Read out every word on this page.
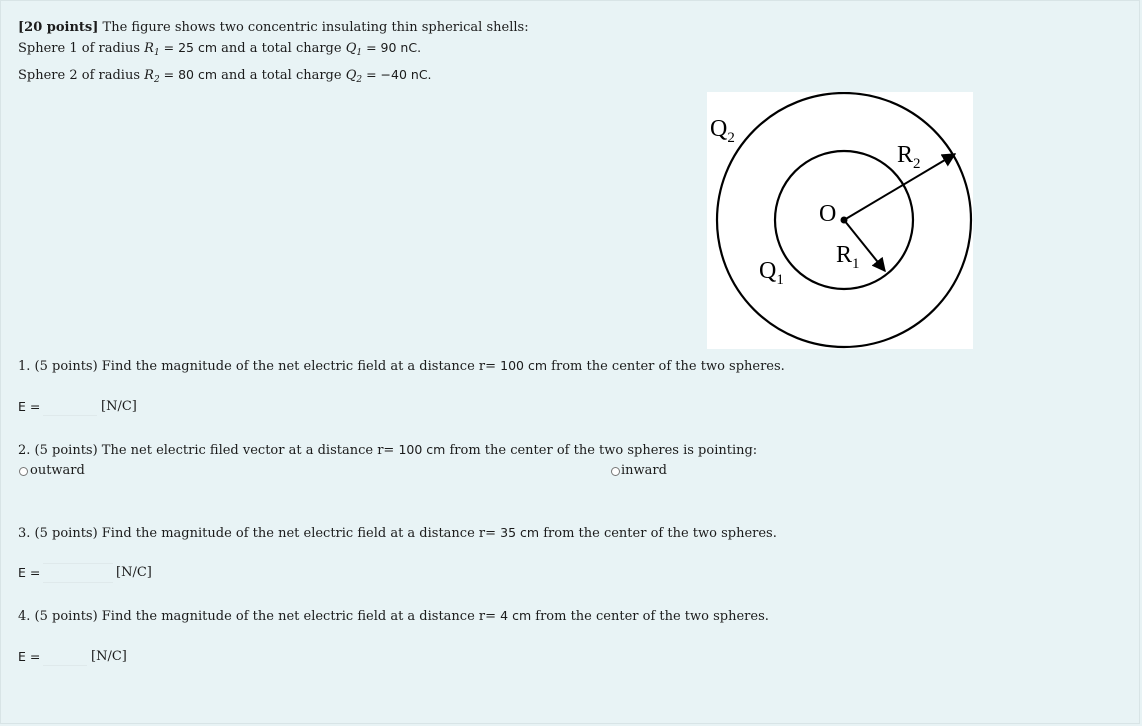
[20 points] The figure shows two concentric insulating thin spherical shells:
Sphere 1 of radius $R_1 = 25$ cm and a total charge $Q_1 = 90$ nC.
Sphere 2 of radius $R_2 = 80$ cm and a total charge $Q_2 = -40$ nC.
$Q_2$
$R_2$
O
$R_1$
$Q_1$
1. (5 points) Find the magnitude of the net electric field at a distance r= 100 cm from the center of the two spheres.
E =	[N/C]
2. (5 points) The net electric filed vector at a distance r= 100 cm from the center of the two spheres is pointing:
outward	inward
3. (5 points) Find the magnitude of the net electric field at a distance r= 35 cm from the center of the two spheres.
E =	[N/C]
4. (5 points) Find the magnitude of the net electric field at a distance r= 4 cm from the center of the two spheres.
E =	[N/C]
